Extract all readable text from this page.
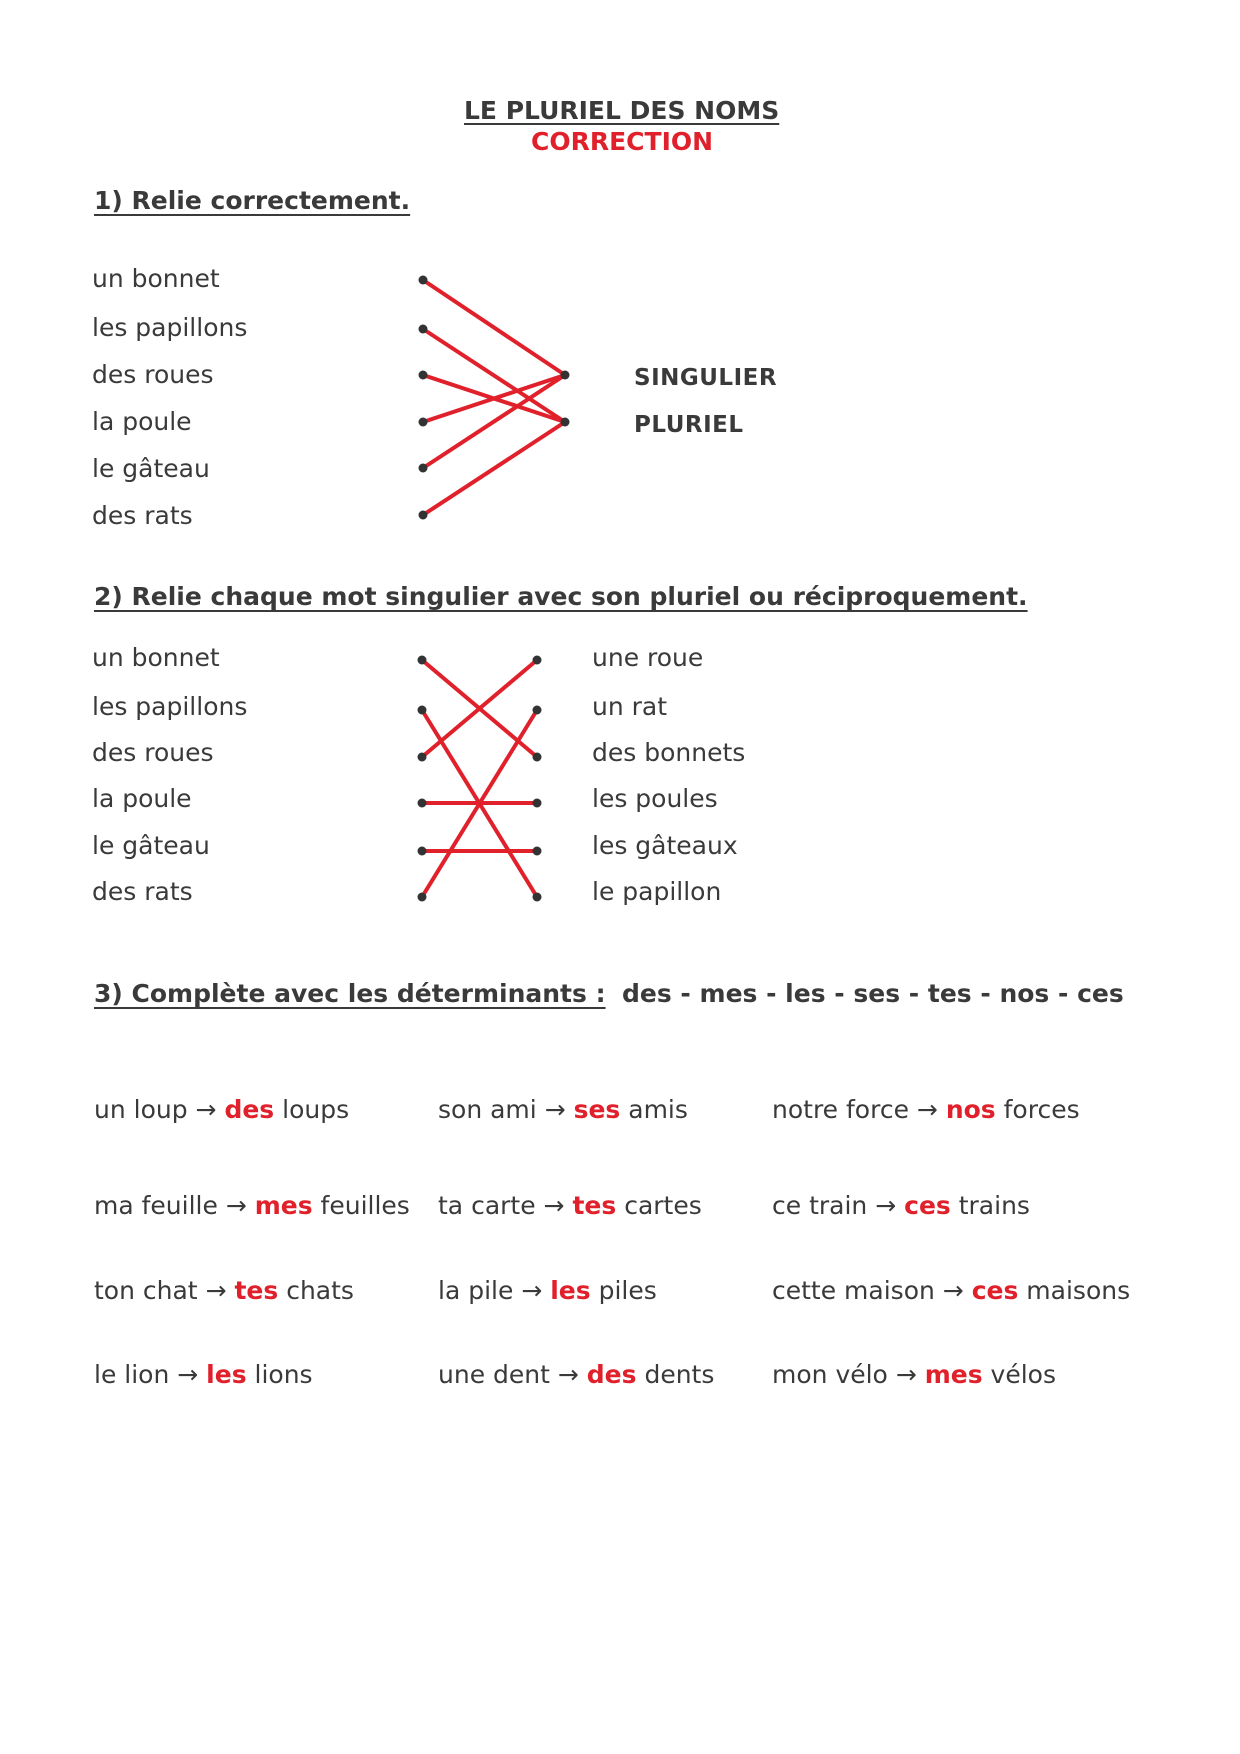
LE PLURIEL DES NOMS
CORRECTION
1) Relie correctement.
un bonnet
les papillons
des roues
la poule
le gâteau
des rats
SINGULIER
PLURIEL
2) Relie chaque mot singulier avec son pluriel ou réciproquement.
un bonnet
les papillons
des roues
la poule
le gâteau
des rats
une roue
un rat
des bonnets
les poules
les gâteaux
le papillon
3) Complète avec les déterminants : des - mes - les - ses - tes - nos - ces
un loup → des loups	son ami → ses amis	notre force → nos forces
ma feuille → mes feuilles ta carte → tes cartes	ce train → ces trains
ton chat → tes chats	la pile → les piles	cette maison → ces maisons
le lion → les lions	une dent → des dents mon vélo → mes vélos
